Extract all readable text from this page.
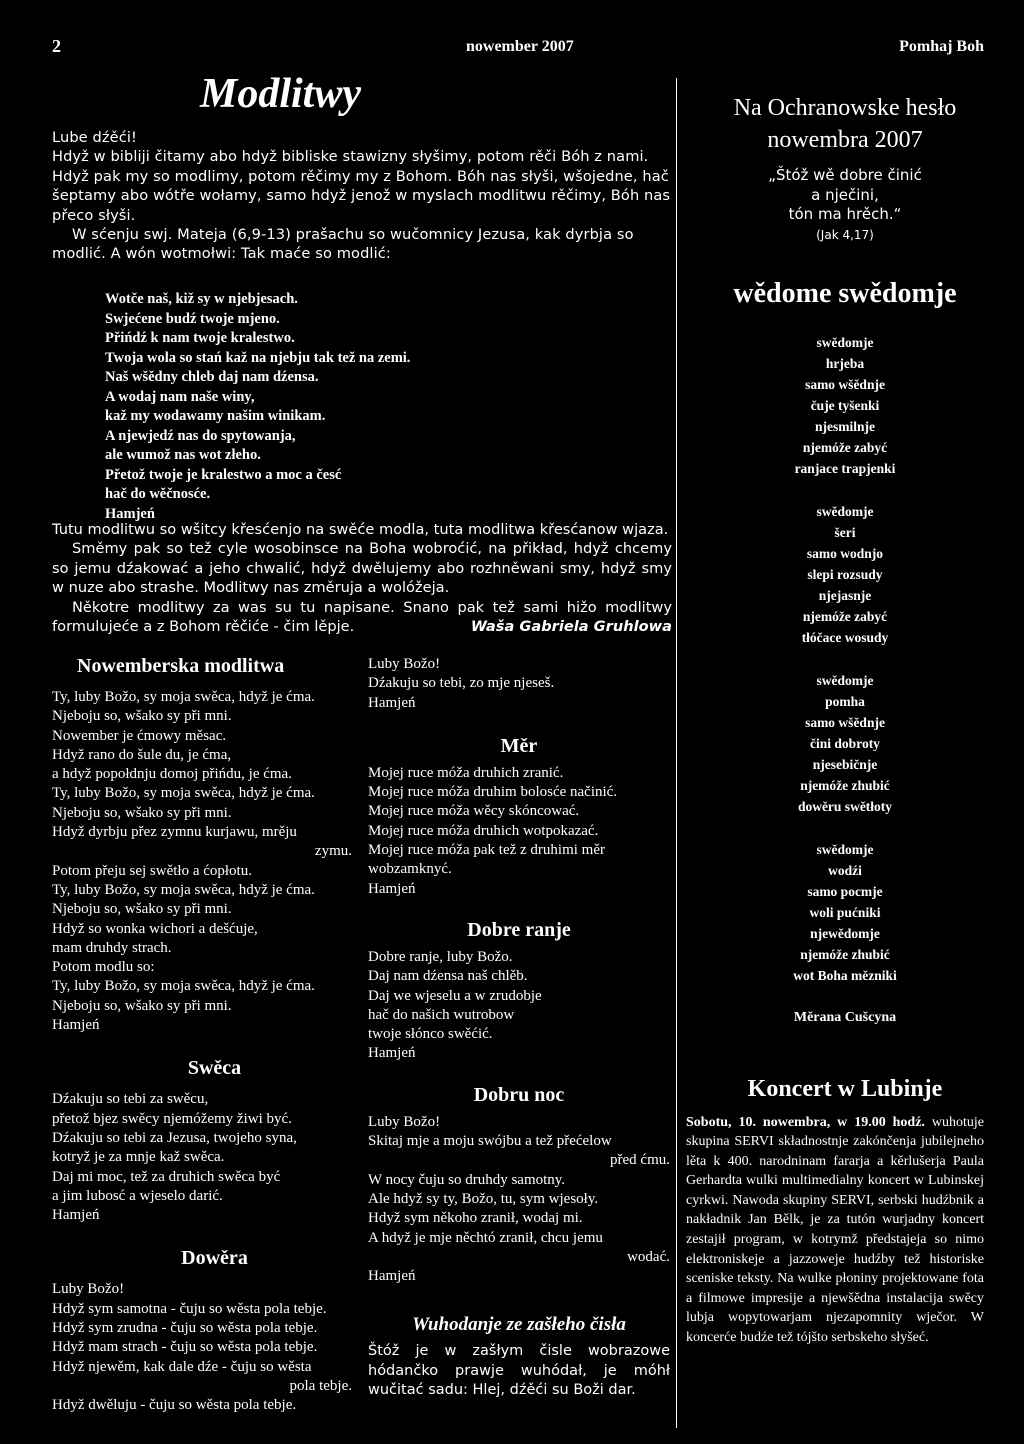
2	nowember 2007	Pomhaj Boh
Modlitwy

Lube dźěći!

Hdyž w bibliji čitamy abo hdyž bibliske stawizny słyšimy, potom rěči Bóh z nami. Hdyž pak my so modlimy, potom rěčimy my z Bohom. Bóh nas słyši, wšojedne, hač šeptamy abo wótře wołamy, samo hdyž jenož w myslach modlitwu rěčimy, Bóh nas přeco słyši.

W sćenju swj. Mateja (6,9-13) prašachu so wučomnicy Jezusa, kak dyrbja so modlić. A wón wotmołwi: Tak maće so modlić:

Wotče naš, kiž sy w njebjesach.

Swjećene budź twoje mjeno.

Přińdź k nam twoje kralestwo.

Twoja wola so stań kaž na njebju tak tež na zemi.

Naš wšědny chleb daj nam dźensa.

A wodaj nam naše winy,

kaž my wodawamy našim winikam.

A njewjedź nas do spytowanja,

ale wumož nas wot złeho.

Přetož twoje je kralestwo a moc a česć

hač do wěčnosće.

Hamjeń

Tutu modlitwu so wšitcy křesćenjo na swěće modla, tuta modlitwa křesćanow wjaza.

Směmy pak so tež cyle wosobinsce na Boha wobroćić, na přikład, hdyž chcemy so jemu dźakować a jeho chwalić, hdyž dwělujemy abo rozhněwani smy, hdyž smy w nuze abo strashe. Modlitwy nas změruja a wolóžeja.

Někotre modlitwy za was su tu napisane. Snano pak tež sami hižo modlitwy formulujeće a z Bohom rěčiće - čim lěpje.	Waša Gabriela Gruhlowa

Nowemberska modlitwa
Ty, luby Božo, sy moja swěca, hdyž je ćma.
Njeboju so, wšako sy při mni.
Nowember je ćmowy měsac.
Hdyž rano do šule du, je ćma,
a hdyž popołdnju domoj přińdu, je ćma.
Ty, luby Božo, sy moja swěca, hdyž je ćma.
Njeboju so, wšako sy při mni.
Hdyž dyrbju přez zymnu kurjawu, mrěju
zymu.
Potom přeju sej swětło a ćopłotu.
Ty, luby Božo, sy moja swěca, hdyž je ćma.
Njeboju so, wšako sy při mni.
Hdyž so wonka wichori a dešćuje,
mam druhdy strach.
Potom modlu so:
Ty, luby Božo, sy moja swěca, hdyž je ćma.
Njeboju so, wšako sy při mni.
Hamjeń
Swěca
Dźakuju so tebi za swěcu,
přetož bjez swěcy njemóžemy žiwi być.
Dźakuju so tebi za Jezusa, twojeho syna,
kotryž je za mnje kaž swěca.
Daj mi moc, tež za druhich swěca być
a jim lubosć a wjeselo darić.
Hamjeń
Dowěra
Luby Božo!
Hdyž sym samotna - čuju so wěsta pola tebje.
Hdyž sym zrudna - čuju so wěsta pola tebje.
Hdyž mam strach - čuju so wěsta pola tebje.
Hdyž njewěm, kak dale dźe - čuju so wěsta
pola tebje.
Hdyž dwěluju - čuju so wěsta pola tebje.
Luby Božo!
Dźakuju so tebi, zo mje njeseš.
Hamjeń
Měr
Mojej ruce móža druhich zranić.
Mojej ruce móža druhim bolosće načinić.
Mojej ruce móža wěcy skóncować.
Mojej ruce móža druhich wotpokazać.
Mojej ruce móža pak tež z druhimi měr
wobzamknyć.
Hamjeń
Dobre ranje
Dobre ranje, luby Božo.
Daj nam dźensa naš chlěb.
Daj we wjeselu a w zrudobje
hač do našich wutrobow
twoje słónco swěćić.
Hamjeń
Dobru noc
Luby Božo!
Skitaj mje a moju swójbu a tež přećelow
před ćmu.
W nocy čuju so druhdy samotny.
Ale hdyž sy ty, Božo, tu, sym wjesoły.
Hdyž sym někoho zranił, wodaj mi.
A hdyž je mje něchtó zranił, chcu jemu
wodać.
Hamjeń
Wuhodanje ze zašłeho čisła
Štóž je w zašłym čisle wobrazowe hódančko prawje wuhódał, je móhł wučitać sadu: Hlej, dźěći su Boži dar.
Na Ochranowske hesło
nowembra 2007
„Štóž wě dobre činić
a nječini,
tón ma hrěch.“
(Jak 4,17)
wědome swědomje
swědomje
hrjeba
samo wšědnje
čuje tyšenki
njesmilnje
njemóže zabyć
ranjace trapjenki
swědomje
šeri
samo wodnjo
slepi rozsudy
njejasnje
njemóže zabyć
tłóčace wosudy
swědomje
pomha
samo wšědnje
čini dobroty
njesebičnje
njemóže zhubić
dowěru swětłoty
swědomje
wodźi
samo pocmje
woli pućniki
njewědomje
njemóže zhubić
wot Boha mězniki
Měrana Cušcyna
Koncert w Lubinje
Sobotu, 10. nowembra, w 19.00 hodź. wuhotuje skupina SERVI składnostnje zakónčenja jubilejneho lěta k 400. narodninam fararja a kěrlušerja Paula Gerhardta wulki multimedialny koncert w Lubinskej cyrkwi. Nawoda skupiny SERVI, serbski hudźbnik a nakładnik Jan Bělk, je za tutón wurjadny koncert zestajił program, w kotrymž předstajeja so nimo elektroniskeje a jazzoweje hudźby tež historiske sceniske teksty. Na wulke płoniny projektowane fota a filmowe impresije a njewšědna instalacija swěcy lubja wopytowarjam njezapomnity wječor. W koncerće budźe tež tójšto serbskeho słyšeć.
